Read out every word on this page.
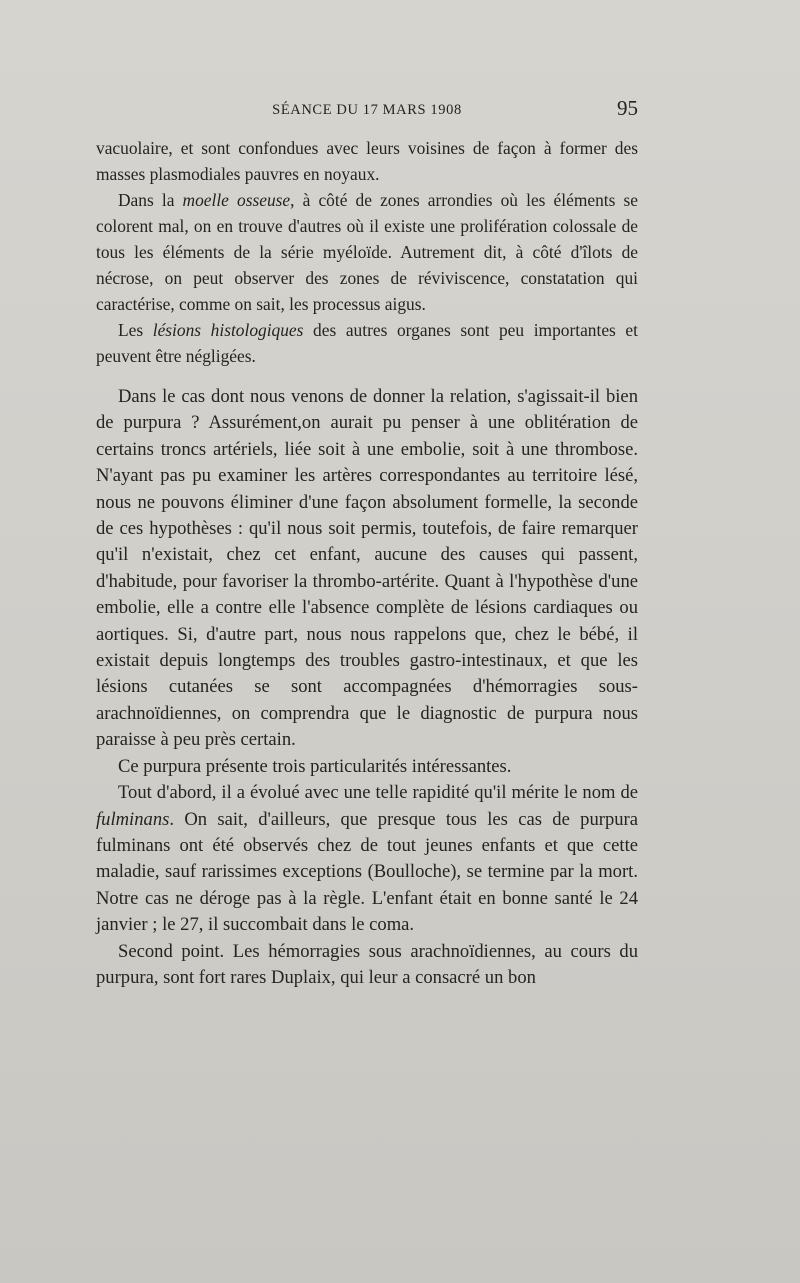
SÉANCE DU 17 MARS 1908	95

vacuolaire, et sont confondues avec leurs voisines de façon à former des masses plasmodiales pauvres en noyaux.

Dans la moelle osseuse, à côté de zones arrondies où les éléments se colorent mal, on en trouve d'autres où il existe une prolifération colossale de tous les éléments de la série myéloïde. Autrement dit, à côté d'îlots de nécrose, on peut observer des zones de réviviscence, constatation qui caractérise, comme on sait, les processus aigus.

Les lésions histologiques des autres organes sont peu importantes et peuvent être négligées.

Dans le cas dont nous venons de donner la relation, s'agissait-il bien de purpura ? Assurément,on aurait pu penser à une oblitération de certains troncs artériels, liée soit à une embolie, soit à une thrombose. N'ayant pas pu examiner les artères correspondantes au territoire lésé, nous ne pouvons éliminer d'une façon absolument formelle, la seconde de ces hypothèses : qu'il nous soit permis, toutefois, de faire remarquer qu'il n'existait, chez cet enfant, aucune des causes qui passent, d'habitude, pour favoriser la thrombo-artérite. Quant à l'hypothèse d'une embolie, elle a contre elle l'absence complète de lésions cardiaques ou aortiques. Si, d'autre part, nous nous rappelons que, chez le bébé, il existait depuis longtemps des troubles gastro-intestinaux, et que les lésions cutanées se sont accompagnées d'hémorragies sous-arachnoïdiennes, on comprendra que le diagnostic de purpura nous paraisse à peu près certain.

Ce purpura présente trois particularités intéressantes.

Tout d'abord, il a évolué avec une telle rapidité qu'il mérite le nom de fulminans. On sait, d'ailleurs, que presque tous les cas de purpura fulminans ont été observés chez de tout jeunes enfants et que cette maladie, sauf rarissimes exceptions (Boulloche), se termine par la mort. Notre cas ne déroge pas à la règle. L'enfant était en bonne santé le 24 janvier ; le 27, il succombait dans le coma.

Second point. Les hémorragies sous arachnoïdiennes, au cours du purpura, sont fort rares Duplaix, qui leur a consacré un bon
